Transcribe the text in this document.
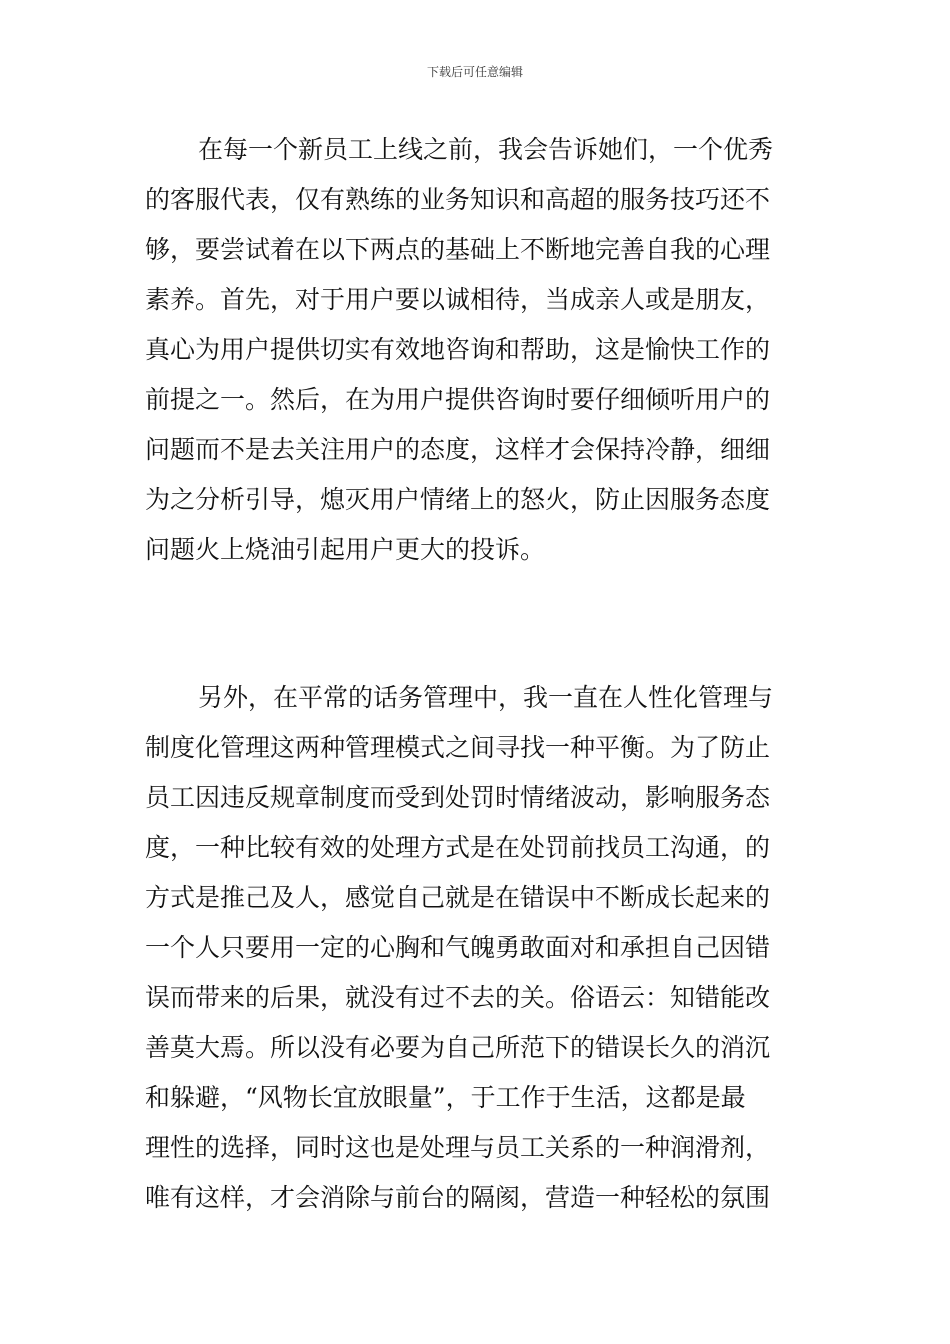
下载后可任意编辑
在每一个新员工上线之前，我会告诉她们，一个优秀
的客服代表，仅有熟练的业务知识和高超的服务技巧还不
够，要尝试着在以下两点的基础上不断地完善自我的心理
素养。首先，对于用户要以诚相待，当成亲人或是朋友，
真心为用户提供切实有效地咨询和帮助，这是愉快工作的
前提之一。然后，在为用户提供咨询时要仔细倾听用户的
问题而不是去关注用户的态度，这样才会保持冷静，细细
为之分析引导，熄灭用户情绪上的怒火，防止因服务态度
问题火上烧油引起用户更大的投诉。
另外，在平常的话务管理中，我一直在人性化管理与
制度化管理这两种管理模式之间寻找一种平衡。为了防止
员工因违反规章制度而受到处罚时情绪波动，影响服务态
度，一种比较有效的处理方式是在处罚前找员工沟通，的
方式是推己及人，感觉自己就是在错误中不断成长起来的
一个人只要用一定的心胸和气魄勇敢面对和承担自己因错
误而带来的后果，就没有过不去的关。俗语云：知错能改
善莫大焉。所以没有必要为自己所范下的错误长久的消沉
和躲避，“风物长宜放眼量”，于工作于生活，这都是最
理性的选择，同时这也是处理与员工关系的一种润滑剂，
唯有这样，才会消除与前台的隔阂，营造一种轻松的氛围
